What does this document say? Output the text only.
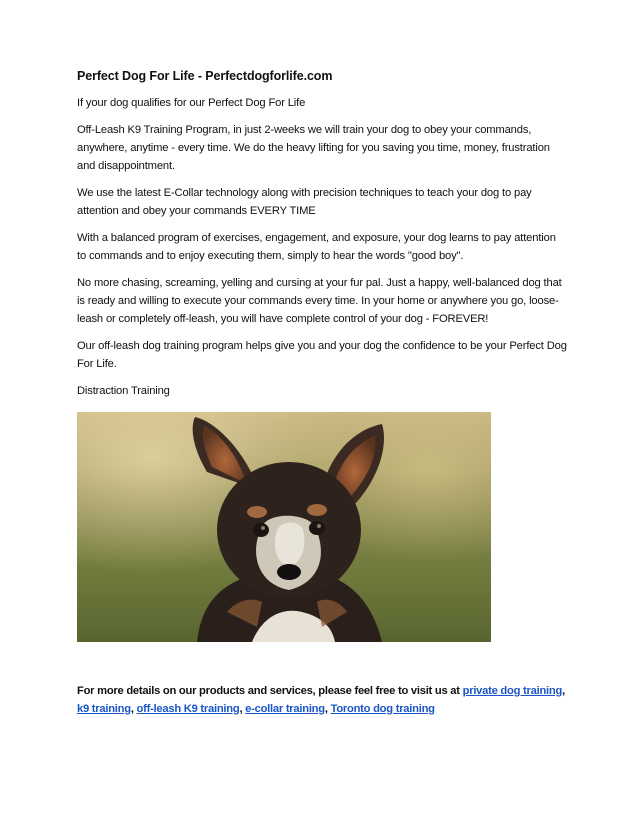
Perfect Dog For Life - Perfectdogforlife.com

If your dog qualifies for our Perfect Dog For Life

Off-Leash K9 Training Program, in just 2-weeks we will train your dog to obey your commands, anywhere, anytime - every time. We do the heavy lifting for you saving you time, money, frustration and disappointment.

We use the latest E-Collar technology along with precision techniques to teach your dog to pay attention and obey your commands EVERY TIME

With a balanced program of exercises, engagement, and exposure, your dog learns to pay attention to commands and to enjoy executing them, simply to hear the words "good boy".

No more chasing, screaming, yelling and cursing at your fur pal. Just a happy, well-balanced dog that is ready and willing to execute your commands every time. In your home or anywhere you go, loose-leash or completely off-leash, you will have complete control of your dog - FOREVER!

Our off-leash dog training program helps give you and your dog the confidence to be your Perfect Dog For Life.

Distraction Training

For more details on our products and services, please feel free to visit us at private dog training, k9 training, off-leash K9 training, e-collar training, Toronto dog training
